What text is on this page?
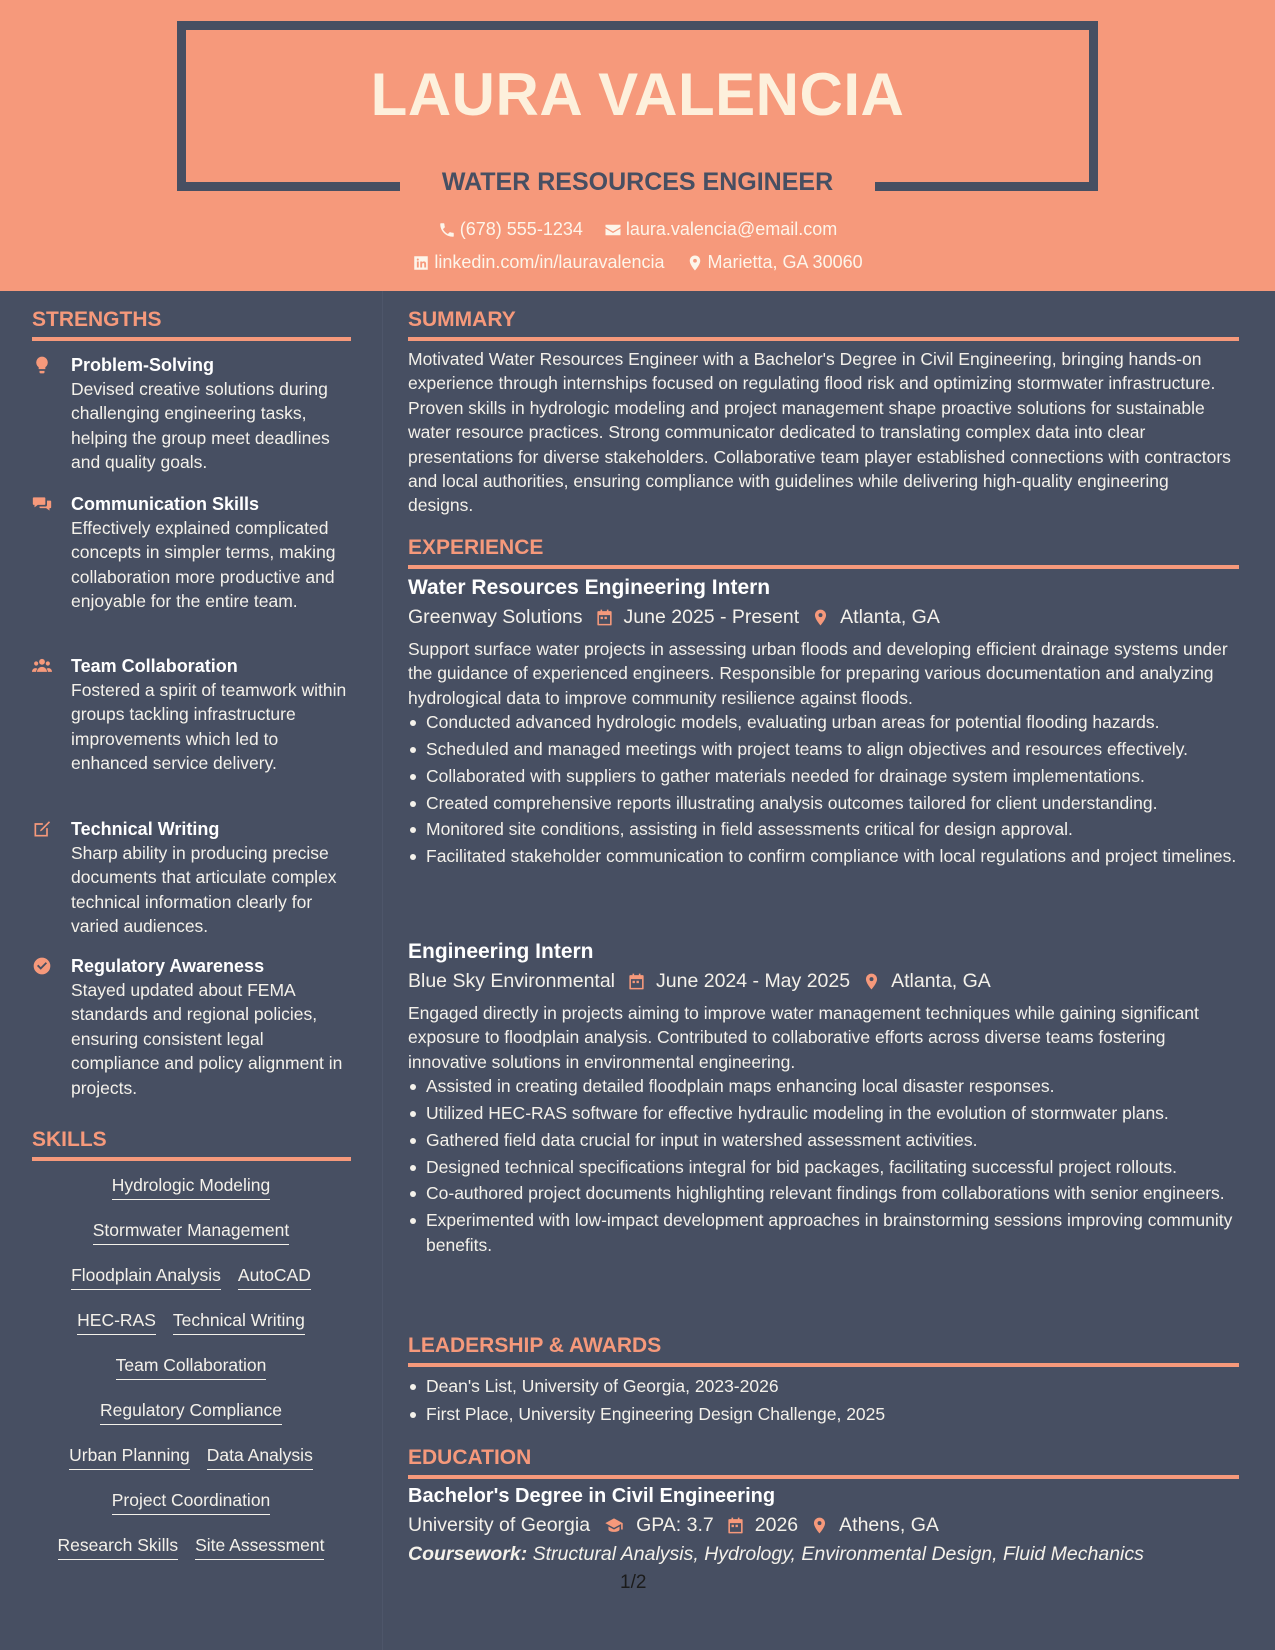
LAURA VALENCIA
WATER RESOURCES ENGINEER
(678) 555-1234
laura.valencia@email.com
linkedin.com/in/lauravalencia
Marietta, GA 30060
STRENGTHS
Problem-Solving

Devised creative solutions during challenging engineering tasks, helping the group meet deadlines and quality goals.

Communication Skills

Effectively explained complicated concepts in simpler terms, making collaboration more productive and enjoyable for the entire team.

Team Collaboration

Fostered a spirit of teamwork within groups tackling infrastructure improvements which led to enhanced service delivery.

Technical Writing

Sharp ability in producing precise documents that articulate complex technical information clearly for varied audiences.

Regulatory Awareness

Stayed updated about FEMA standards and regional policies, ensuring consistent legal compliance and policy alignment in projects.

SKILLS
Hydrologic Modeling
Stormwater Management
Floodplain Analysis AutoCAD
HEC-RAS Technical Writing
Team Collaboration
Regulatory Compliance
Urban Planning Data Analysis
Project Coordination
Research Skills Site Assessment
SUMMARY
Motivated Water Resources Engineer with a Bachelor's Degree in Civil Engineering, bringing hands-on experience through internships focused on regulating flood risk and optimizing stormwater infrastructure. Proven skills in hydrologic modeling and project management shape proactive solutions for sustainable water resource practices. Strong communicator dedicated to translating complex data into clear presentations for diverse stakeholders. Collaborative team player established connections with contractors and local authorities, ensuring compliance with guidelines while delivering high-quality engineering designs.
EXPERIENCE
Water Resources Engineering Intern
Greenway Solutions June 2025 - Present Atlanta, GA
Support surface water projects in assessing urban floods and developing efficient drainage systems under the guidance of experienced engineers. Responsible for preparing various documentation and analyzing hydrological data to improve community resilience against floods.
Conducted advanced hydrologic models, evaluating urban areas for potential flooding hazards.
Scheduled and managed meetings with project teams to align objectives and resources effectively.
Collaborated with suppliers to gather materials needed for drainage system implementations.
Created comprehensive reports illustrating analysis outcomes tailored for client understanding.
Monitored site conditions, assisting in field assessments critical for design approval.
Facilitated stakeholder communication to confirm compliance with local regulations and project timelines.
Engineering Intern
Blue Sky Environmental June 2024 - May 2025 Atlanta, GA
Engaged directly in projects aiming to improve water management techniques while gaining significant exposure to floodplain analysis. Contributed to collaborative efforts across diverse teams fostering innovative solutions in environmental engineering.
Assisted in creating detailed floodplain maps enhancing local disaster responses.
Utilized HEC-RAS software for effective hydraulic modeling in the evolution of stormwater plans.
Gathered field data crucial for input in watershed assessment activities.
Designed technical specifications integral for bid packages, facilitating successful project rollouts.
Co-authored project documents highlighting relevant findings from collaborations with senior engineers.
Experimented with low-impact development approaches in brainstorming sessions improving community benefits.
LEADERSHIP & AWARDS
Dean's List, University of Georgia, 2023-2026
First Place, University Engineering Design Challenge, 2025
EDUCATION
Bachelor's Degree in Civil Engineering
University of Georgia GPA: 3.7 2026 Athens, GA
Coursework: Structural Analysis, Hydrology, Environmental Design, Fluid Mechanics
1/2
